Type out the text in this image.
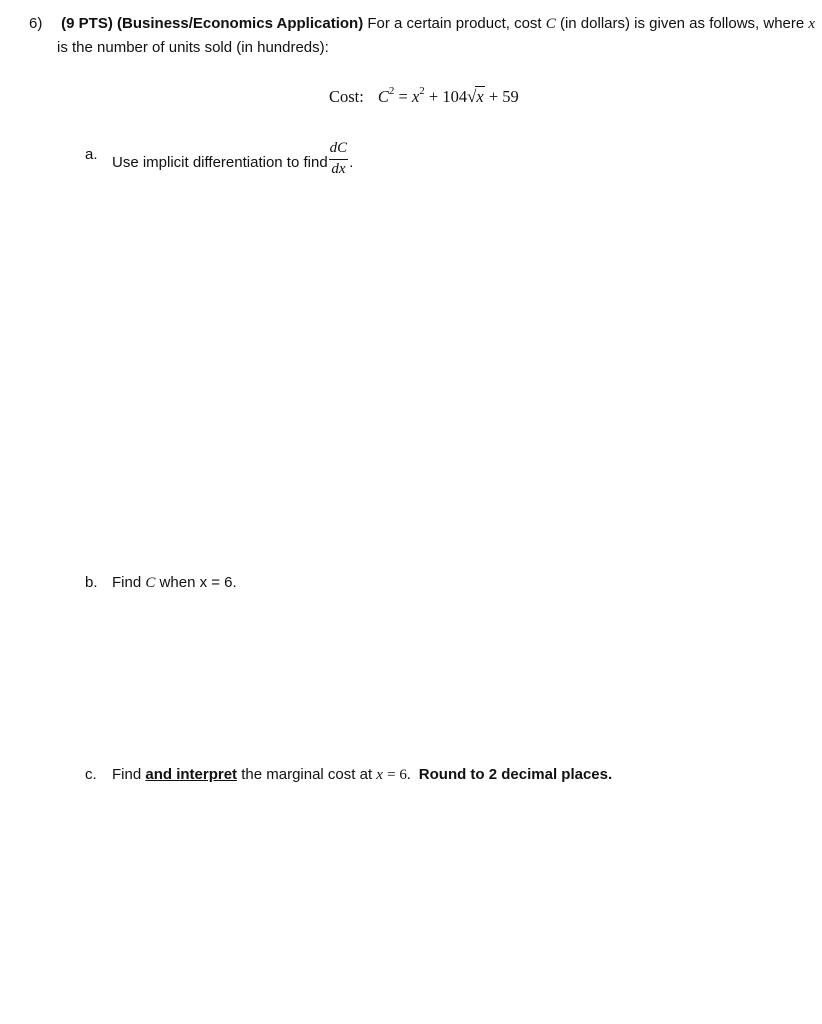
6) (9 PTS) (Business/Economics Application) For a certain product, cost C (in dollars) is given as follows, where x
is the number of units sold (in hundreds):
Cost: $C^2 = x^2 + 104√x + 59$
a. Use implicit differentiation to find $\frac{dC}{dx}$ .
b. Find C when x = 6.
c. Find and interpret the marginal cost at x = 6. Round to 2 decimal places.
